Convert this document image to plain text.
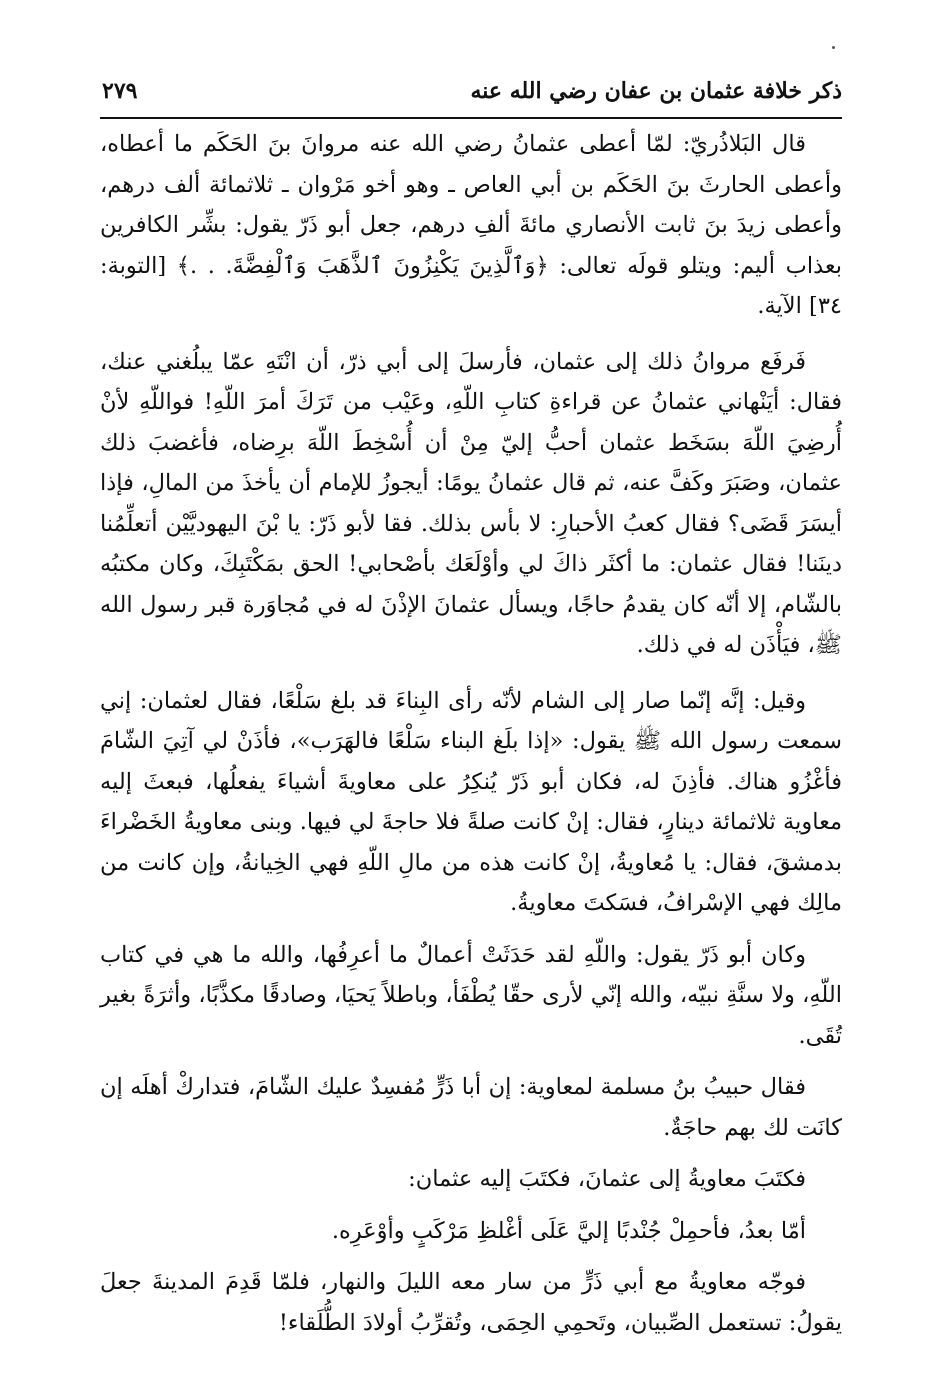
ذكر خلافة عثمان بن عفان رضي الله عنه
٢٧٩

قال البَلاذُريّ: لمّا أعطى عثمانُ رضي الله عنه مروانَ بنَ الحَكَم ما أعطاه، وأعطى الحارثَ بنَ الحَكَم بن أبي العاص ـ وهو أخو مَرْوان ـ ثلاثمائة ألف درهم، وأعطى زيدَ بنَ ثابت الأنصاري مائةَ ألفِ درهم، جعل أبو ذَرّ يقول: بشِّر الكافرين بعذاب أليم: ويتلو قولَه تعالى: ﴿وَٱلَّذِينَ يَكْنِزُونَ ٱلذَّهَبَ وَٱلْفِضَّةَ. . .﴾ [التوبة: ٣٤] الآية.

فَرفَع مروانُ ذلك إلى عثمان، فأرسلَ إلى أبي ذرّ، أن انْتَهِ عمّا يبلُغني عنك، فقال: أيَنْهاني عثمانُ عن قراءةِ كتابِ اللّهِ، وعَيْب من تَرَكَ أمرَ اللّهِ! فواللّهِ لأنْ أُرضِيَ اللّهَ بسَخَط عثمان أحبُّ إليّ مِنْ أن أُسْخِطَ اللّهَ برِضاه، فأغضبَ ذلك عثمان، وصَبَرَ وكَفَّ عنه، ثم قال عثمانُ يومًا: أيجوزُ للإمام أن يأخذَ من المالِ، فإذا أيسَرَ قَضَى؟ فقال كعبُ الأحبارِ: لا بأس بذلك. فقا لأبو ذَرّ: يا بْنَ اليهوديَّيْن أتعلِّمُنا دينَنا! فقال عثمان: ما أكثَر ذاكَ لي وأوْلَعَك بأصْحابي! الحق بمَكْتَبِكَ، وكان مكتبُه بالشّام، إلا أنّه كان يقدمُ حاجًا، ويسأل عثمانَ الإذْنَ له في مُجاوَرة قبر رسول الله ﷺ، فيَأْذَن له في ذلك.

وقيل: إنَّه إنّما صار إلى الشام لأنّه رأى البِناءَ قد بلغ سَلْعًا، فقال لعثمان: إني سمعت رسول الله ﷺ يقول: «إذا بلَغ البناء سَلْعًا فالهَرَب»، فأذَنْ لي آتِيَ الشّامَ فأغْزُو هناك. فأذِنَ له، فكان أبو ذَرّ يُنكِرُ على معاويةَ أشياءَ يفعلُها، فبعثَ إليه معاوية ثلاثمائة دينارٍ، فقال: إنْ كانت صلةً فلا حاجةَ لي فيها. وبنى معاويةُ الخَضْراءَ بدمشقَ، فقال: يا مُعاويةُ، إنْ كانت هذه من مالِ اللّهِ فهي الخِيانةُ، وإن كانت من مالِك فهي الإسْرافُ، فسَكتَ معاويةُ.

وكان أبو ذَرّ يقول: واللّهِ لقد حَدَثَتْ أعمالٌ ما أعرِفُها، والله ما هي في كتاب اللّهِ، ولا سنَّةِ نبيّه، والله إنّي لأرى حقّا يُطْفَأ، وباطلاً يَحيَا، وصادقًا مكذَّبًا، وأثرَةً بغير تُقَى.

فقال حبيبُ بنُ مسلمة لمعاوية: إن أبا ذَرٍّ مُفسِدٌ عليك الشّامَ، فتداركْ أهلَه إن كانَت لك بهم حاجَةٌ.

فكتَبَ معاويةُ إلى عثمانَ، فكتَبَ إليه عثمان:

أمّا بعدُ، فأحمِلْ جُنْدبًا إليَّ عَلَى أغْلظِ مَرْكَبٍ وأوْعَرِه.

فوجّه معاويةُ مع أبي ذَرٍّ من سار معه الليلَ والنهار، فلمّا قَدِمَ المدينةَ جعلَ يقولُ: تستعمل الصِّبيان، وتَحمِي الحِمَى، وتُقرِّبُ أولادَ الطُّلَقاء!
